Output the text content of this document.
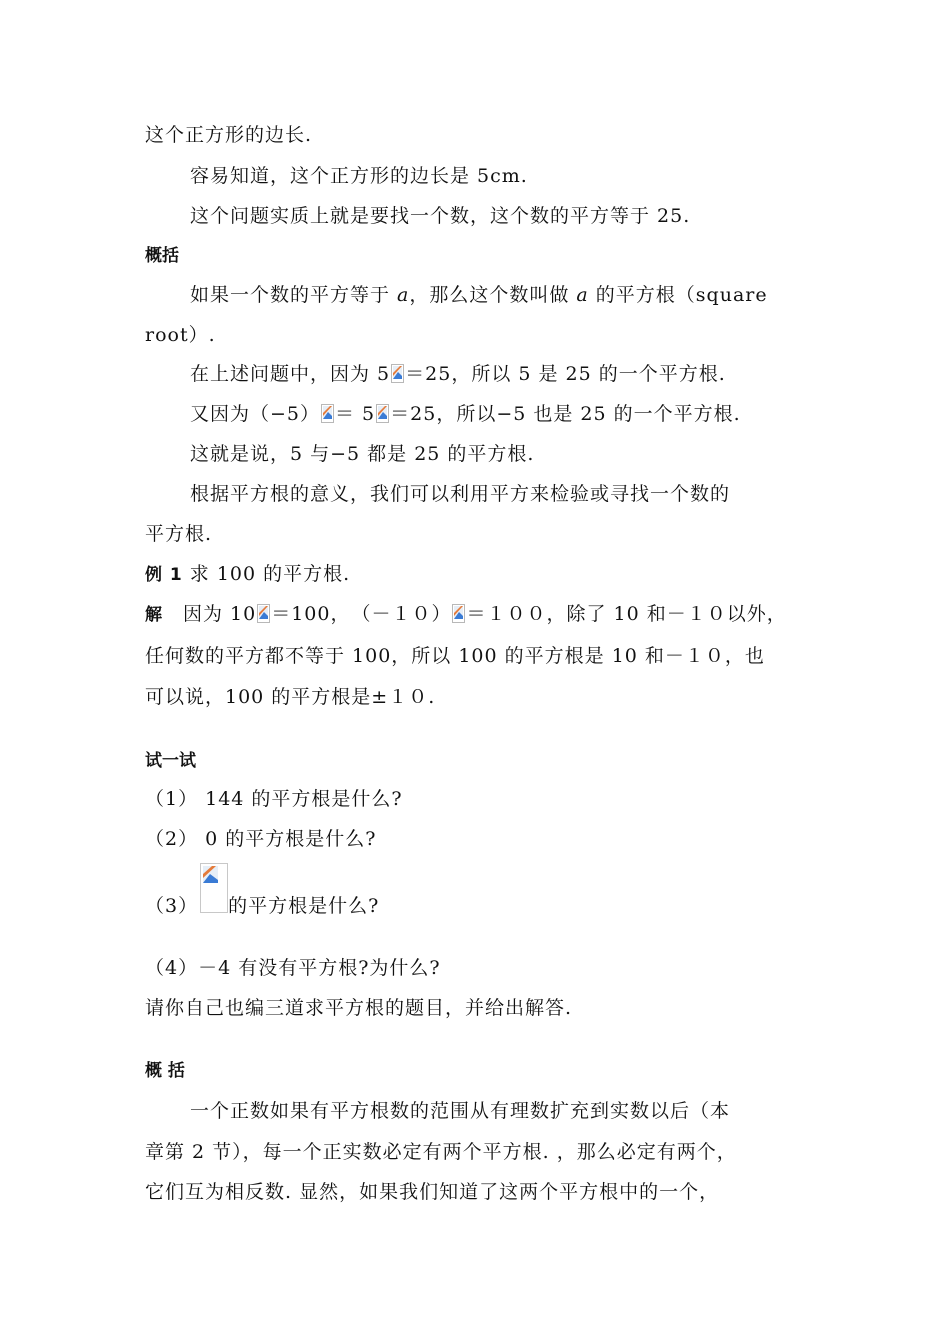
这个正方形的边长.
容易知道，这个正方形的边长是 5cm.
这个问题实质上就是要找一个数，这个数的平方等于 25.
概括
如果一个数的平方等于 a，那么这个数叫做 a 的平方根（square
root）.
在上述问题中，因为 5 ＝25，所以 5 是 25 的一个平方根.
又因为（−5） ＝ 5 ＝25，所以−5 也是 25 的一个平方根.
这就是说，5 与−5 都是 25 的平方根.
根据平方根的意义，我们可以利用平方来检验或寻找一个数的
平方根.
例 1 求 100 的平方根.
解　因为 10 ＝100，　（－１０） ＝１００，除了 10 和－１０以外，
任何数的平方都不等于 100，所以 100 的平方根是 10 和－１０，也
可以说，100 的平方根是±１０.
试一试
（1） 144 的平方根是什么?
（2） 0 的平方根是什么?
（3） 的平方根是什么?
（4）－4 有没有平方根?为什么?
请你自己也编三道求平方根的题目，并给出解答.
概 括
一个正数如果有平方根数的范围从有理数扩充到实数以后（本
章第 2 节），每一个正实数必定有两个平方根. ，那么必定有两个，
它们互为相反数. 显然，如果我们知道了这两个平方根中的一个，
